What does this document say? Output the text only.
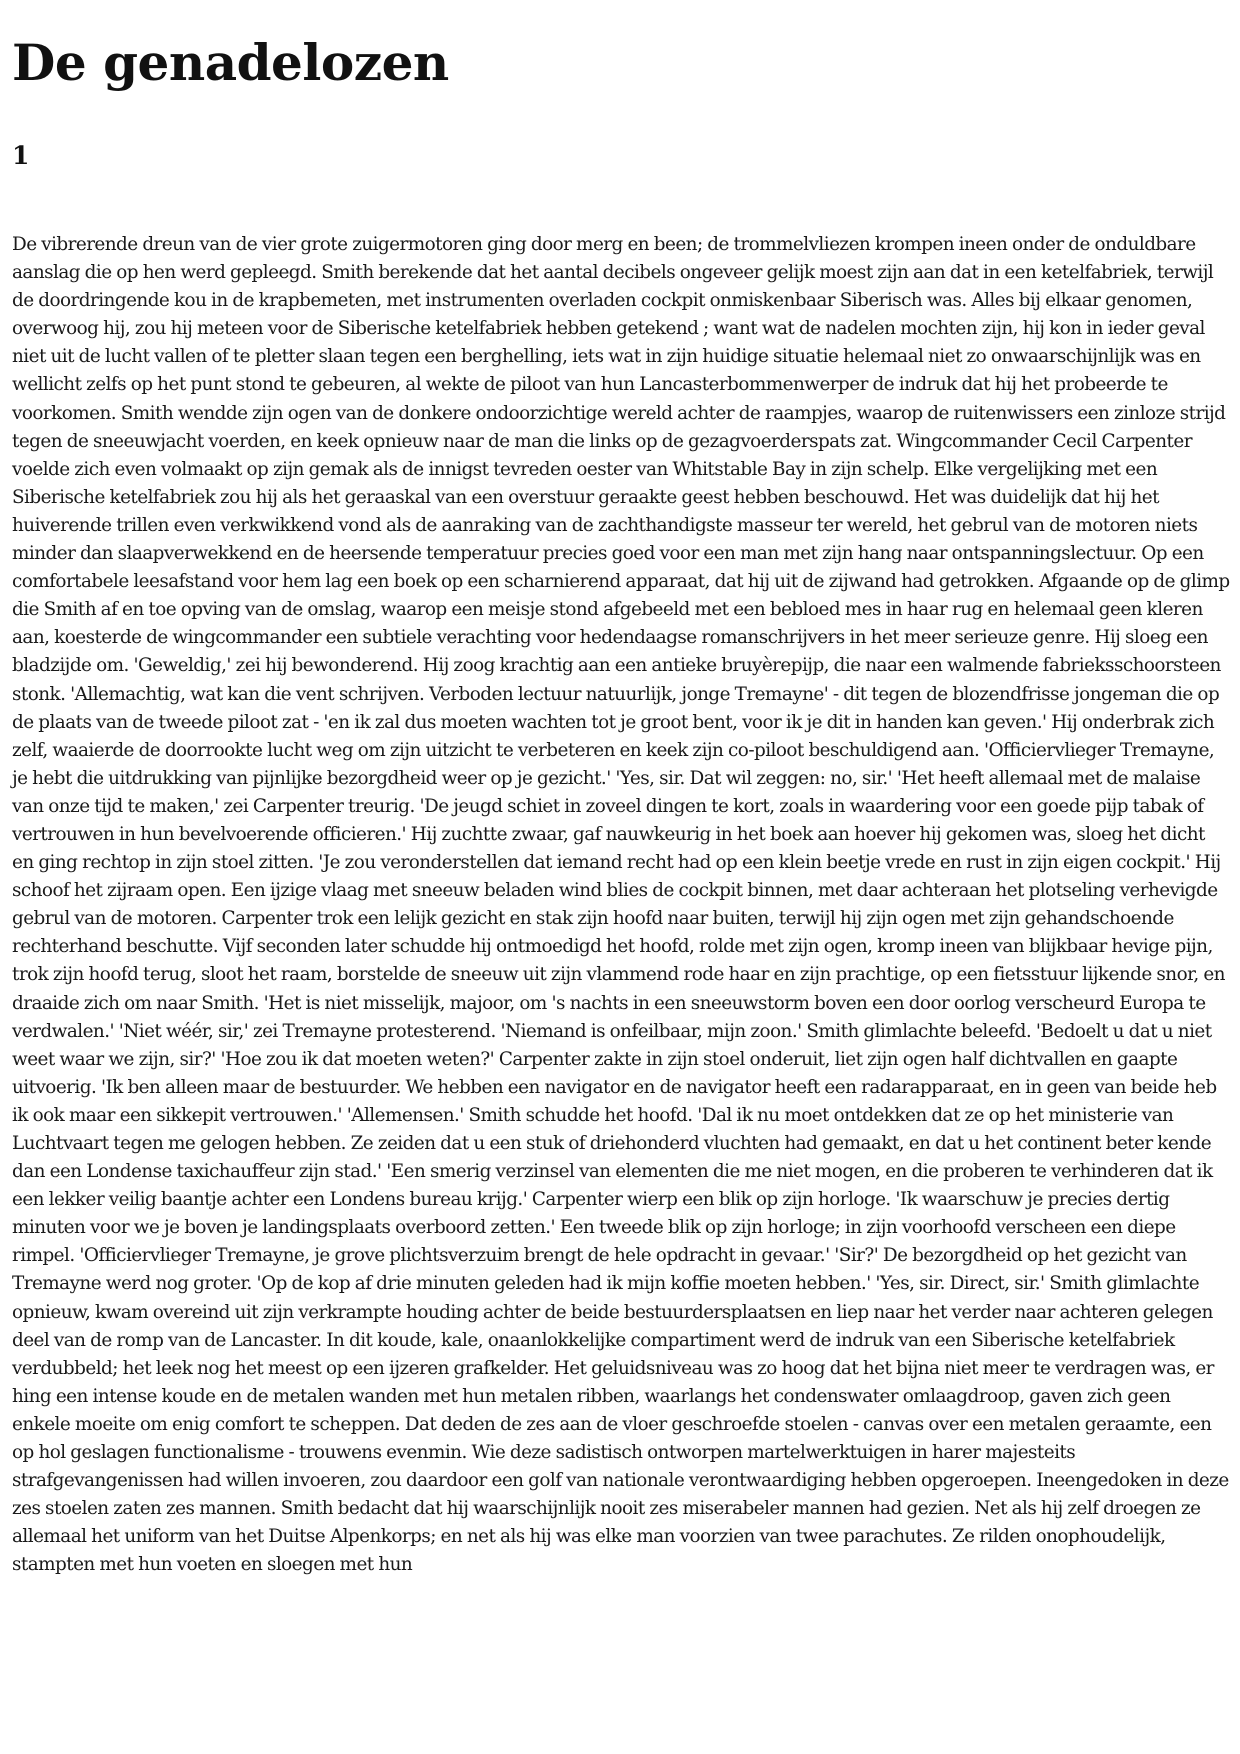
De genadelozen
1

De vibrerende dreun van de vier grote zuigermotoren ging door merg en been; de trommelvliezen krompen ineen onder de onduldbare aanslag die op hen werd gepleegd. Smith berekende dat het aantal decibels ongeveer gelijk moest zijn aan dat in een ketelfabriek, terwijl de doordringende kou in de krapbemeten, met instrumenten overladen cockpit onmiskenbaar Siberisch was. Alles bij elkaar genomen, overwoog hij, zou hij meteen voor de Siberische ketelfabriek hebben getekend ; want wat de nadelen mochten zijn, hij kon in ieder geval niet uit de lucht vallen of te pletter slaan tegen een berghelling, iets wat in zijn huidige situatie helemaal niet zo onwaarschijnlijk was en wellicht zelfs op het punt stond te gebeuren, al wekte de piloot van hun Lancasterbommenwerper de indruk dat hij het probeerde te voorkomen. Smith wendde zijn ogen van de donkere ondoorzichtige wereld achter de raampjes, waarop de ruitenwissers een zinloze strijd tegen de sneeuwjacht voerden, en keek opnieuw naar de man die links op de gezagvoerderspats zat. Wingcommander Cecil Carpenter voelde zich even volmaakt op zijn gemak als de innigst tevreden oester van Whitstable Bay in zijn schelp. Elke vergelijking met een Siberische ketelfabriek zou hij als het geraaskal van een overstuur geraakte geest hebben beschouwd. Het was duidelijk dat hij het huiverende trillen even verkwikkend vond als de aanraking van de zachthandigste masseur ter wereld, het gebrul van de motoren niets minder dan slaapverwekkend en de heersende temperatuur precies goed voor een man met zijn hang naar ontspanningslectuur. Op een comfortabele leesafstand voor hem lag een boek op een scharnierend apparaat, dat hij uit de zijwand had getrokken. Afgaande op de glimp die Smith af en toe opving van de omslag, waarop een meisje stond afgebeeld met een bebloed mes in haar rug en helemaal geen kleren aan, koesterde de wingcommander een subtiele verachting voor hedendaagse romanschrijvers in het meer serieuze genre. Hij sloeg een bladzijde om. 'Geweldig,' zei hij bewonderend. Hij zoog krachtig aan een antieke bruyèrepijp, die naar een walmende fabrieksschoorsteen stonk. 'Allemachtig, wat kan die vent schrijven. Verboden lectuur natuurlijk, jonge Tremayne' - dit tegen de blozendfrisse jongeman die op de plaats van de tweede piloot zat - 'en ik zal dus moeten wachten tot je groot bent, voor ik je dit in handen kan geven.' Hij onderbrak zich zelf, waaierde de doorrookte lucht weg om zijn uitzicht te verbeteren en keek zijn co-piloot beschuldigend aan. 'Officiervlieger Tremayne, je hebt die uitdrukking van pijnlijke bezorgdheid weer op je gezicht.' 'Yes, sir. Dat wil zeggen: no, sir.' 'Het heeft allemaal met de malaise van onze tijd te maken,' zei Carpenter treurig. 'De jeugd schiet in zoveel dingen te kort, zoals in waardering voor een goede pijp tabak of vertrouwen in hun bevelvoerende officieren.' Hij zuchtte zwaar, gaf nauwkeurig in het boek aan hoever hij gekomen was, sloeg het dicht en ging rechtop in zijn stoel zitten. 'Je zou veronderstellen dat iemand recht had op een klein beetje vrede en rust in zijn eigen cockpit.' Hij schoof het zijraam open. Een ijzige vlaag met sneeuw beladen wind blies de cockpit binnen, met daar achteraan het plotseling verhevigde gebrul van de motoren. Carpenter trok een lelijk gezicht en stak zijn hoofd naar buiten, terwijl hij zijn ogen met zijn gehandschoende rechterhand beschutte. Vijf seconden later schudde hij ontmoedigd het hoofd, rolde met zijn ogen, kromp ineen van blijkbaar hevige pijn, trok zijn hoofd terug, sloot het raam, borstelde de sneeuw uit zijn vlammend rode haar en zijn prachtige, op een fietsstuur lijkende snor, en draaide zich om naar Smith. 'Het is niet misselijk, majoor, om 's nachts in een sneeuwstorm boven een door oorlog verscheurd Europa te verdwalen.' 'Niet wéér, sir,' zei Tremayne protesterend. 'Niemand is onfeilbaar, mijn zoon.' Smith glimlachte beleefd. 'Bedoelt u dat u niet weet waar we zijn, sir?' 'Hoe zou ik dat moeten weten?' Carpenter zakte in zijn stoel onderuit, liet zijn ogen half dichtvallen en gaapte uitvoerig. 'Ik ben alleen maar de bestuurder. We hebben een navigator en de navigator heeft een radarapparaat, en in geen van beide heb ik ook maar een sikkepit vertrouwen.' 'Allemensen.' Smith schudde het hoofd. 'Dal ik nu moet ontdekken dat ze op het ministerie van Luchtvaart tegen me gelogen hebben. Ze zeiden dat u een stuk of driehonderd vluchten had gemaakt, en dat u het continent beter kende dan een Londense taxichauffeur zijn stad.' 'Een smerig verzinsel van elementen die me niet mogen, en die proberen te verhinderen dat ik een lekker veilig baantje achter een Londens bureau krijg.' Carpenter wierp een blik op zijn horloge. 'Ik waarschuw je precies dertig minuten voor we je boven je landingsplaats overboord zetten.' Een tweede blik op zijn horloge; in zijn voorhoofd verscheen een diepe rimpel. 'Officiervlieger Tremayne, je grove plichtsverzuim brengt de hele opdracht in gevaar.' 'Sir?' De bezorgdheid op het gezicht van Tremayne werd nog groter. 'Op de kop af drie minuten geleden had ik mijn koffie moeten hebben.' 'Yes, sir. Direct, sir.' Smith glimlachte opnieuw, kwam overeind uit zijn verkrampte houding achter de beide bestuurdersplaatsen en liep naar het verder naar achteren gelegen deel van de romp van de Lancaster. In dit koude, kale, onaanlokkelijke compartiment werd de indruk van een Siberische ketelfabriek verdubbeld; het leek nog het meest op een ijzeren grafkelder. Het geluidsniveau was zo hoog dat het bijna niet meer te verdragen was, er hing een intense koude en de metalen wanden met hun metalen ribben, waarlangs het condenswater omlaagdroop, gaven zich geen enkele moeite om enig comfort te scheppen. Dat deden de zes aan de vloer geschroefde stoelen - canvas over een metalen geraamte, een op hol geslagen functionalisme - trouwens evenmin. Wie deze sadistisch ontworpen martelwerktuigen in harer majesteits strafgevangenissen had willen invoeren, zou daardoor een golf van nationale verontwaardiging hebben opgeroepen. Ineengedoken in deze zes stoelen zaten zes mannen. Smith bedacht dat hij waarschijnlijk nooit zes miserabeler mannen had gezien. Net als hij zelf droegen ze allemaal het uniform van het Duitse Alpenkorps; en net als hij was elke man voorzien van twee parachutes. Ze rilden onophoudelijk, stampten met hun voeten en sloegen met hun
